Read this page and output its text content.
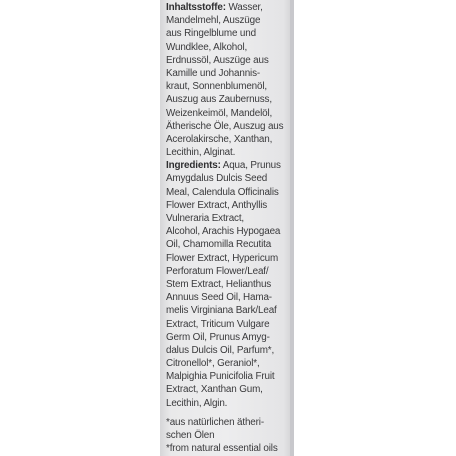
Inhaltsstoffe: Wasser,
Mandelmehl, Auszüge
aus Ringelblume und
Wundklee, Alkohol,
Erdnussöl, Auszüge aus
Kamille und Johannis-
kraut, Sonnenblumenöl,
Auszug aus Zaubernuss,
Weizenkeimöl, Mandelöl,
Ätherische Öle, Auszug aus
Acerolakirsche, Xanthan,
Lecithin, Alginat.
Ingredients: Aqua, Prunus
Amygdalus Dulcis Seed
Meal, Calendula Officinalis
Flower Extract, Anthyllis
Vulneraria Extract,
Alcohol, Arachis Hypogaea
Oil, Chamomilla Recutita
Flower Extract, Hypericum
Perforatum Flower/Leaf/
Stem Extract, Helianthus
Annuus Seed Oil, Hama-
melis Virginiana Bark/Leaf
Extract, Triticum Vulgare
Germ Oil, Prunus Amyg-
dalus Dulcis Oil, Parfum*,
Citronellol*, Geraniol*,
Malpighia Punicifolia Fruit
Extract, Xanthan Gum,
Lecithin, Algin.
*aus natürlichen ätheri-
schen Ölen
*from natural essential oils
